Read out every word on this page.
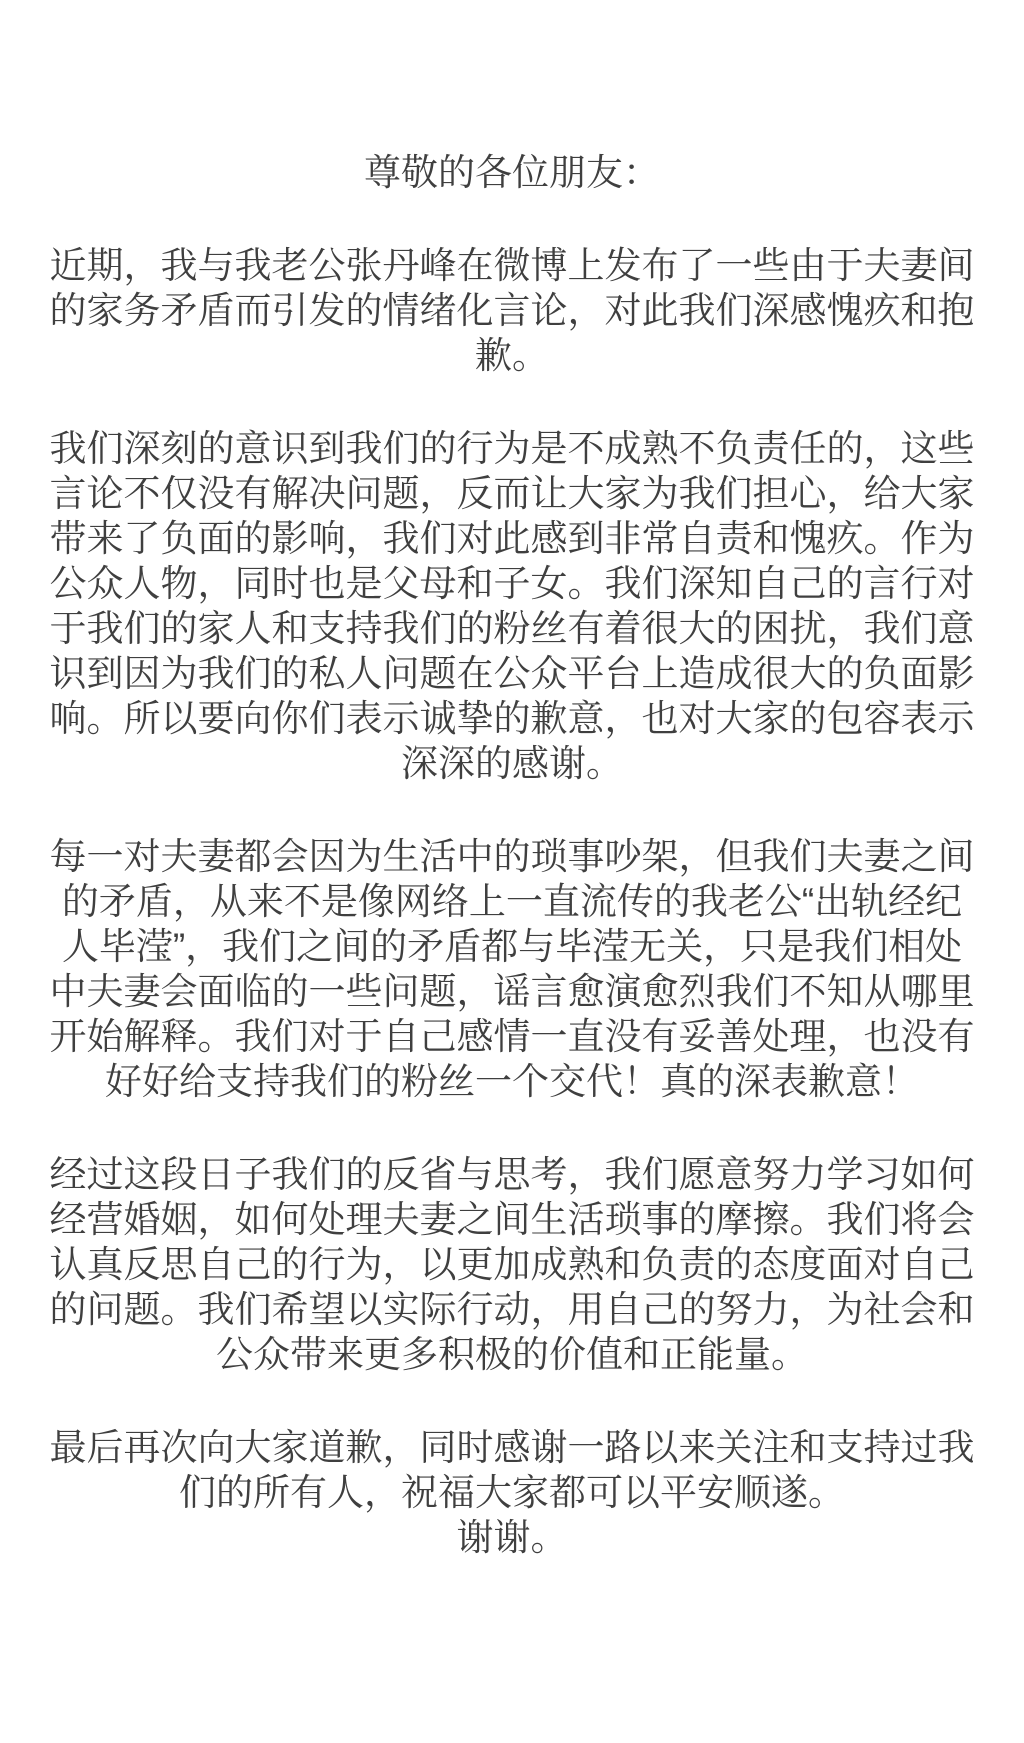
尊敬的各位朋友：

近期，我与我老公张丹峰在微博上发布了一些由于夫妻间
的家务矛盾而引发的情绪化言论，对此我们深感愧疚和抱
歉。

我们深刻的意识到我们的行为是不成熟不负责任的，这些
言论不仅没有解决问题，反而让大家为我们担心，给大家
带来了负面的影响，我们对此感到非常自责和愧疚。作为
公众人物，同时也是父母和子女。我们深知自己的言行对
于我们的家人和支持我们的粉丝有着很大的困扰，我们意
识到因为我们的私人问题在公众平台上造成很大的负面影
响。所以要向你们表示诚挚的歉意，也对大家的包容表示
深深的感谢。

每一对夫妻都会因为生活中的琐事吵架，但我们夫妻之间
的矛盾，从来不是像网络上一直流传的我老公“出轨经纪
人毕滢”，我们之间的矛盾都与毕滢无关，只是我们相处
中夫妻会面临的一些问题，谣言愈演愈烈我们不知从哪里
开始解释。我们对于自己感情一直没有妥善处理，也没有
好好给支持我们的粉丝一个交代！真的深表歉意！

经过这段日子我们的反省与思考，我们愿意努力学习如何
经营婚姻，如何处理夫妻之间生活琐事的摩擦。我们将会
认真反思自己的行为，以更加成熟和负责的态度面对自己
的问题。我们希望以实际行动，用自己的努力，为社会和
公众带来更多积极的价值和正能量。

最后再次向大家道歉，同时感谢一路以来关注和支持过我
们的所有人，祝福大家都可以平安顺遂。
谢谢。
